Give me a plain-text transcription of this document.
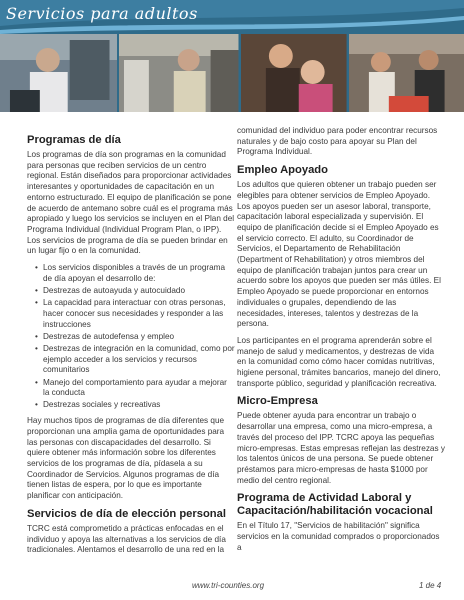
Servicios para adultos
Programas de día

Los programas de día son programas en la comunidad para personas que reciben servicios de un centro regional. Están diseñados para proporcionar actividades interesantes y oportunidades de capacitación en un entorno estructurado. El equipo de planificación se pone de acuerdo de antemano sobre cuál es el programa más apropiado y luego los servicios se incluyen en el Plan del Programa Individual (Individual Program Plan, o IPP). Los servicios de programa de día se pueden brindar en un lugar fijo o en la comunidad.

• Los servicios disponibles a través de un programa de día apoyan el desarrollo de:
• Destrezas de autoayuda y autocuidado
• La capacidad para interactuar con otras personas, hacer conocer sus necesidades y responder a las instrucciones
• Destrezas de autodefensa y empleo
• Destrezas de integración en la comunidad, como por ejemplo acceder a los servicios y recursos comunitarios
• Manejo del comportamiento para ayudar a mejorar la conducta
• Destrezas sociales y recreativas

Hay muchos tipos de programas de día diferentes que proporcionan una amplia gama de oportunidades para las personas con discapacidades del desarrollo. Si quiere obtener más información sobre los diferentes servicios de los programas de día, pídasela a su Coordinador de Servicios. Algunos programas de día tienen listas de espera, por lo que es importante planificar con anticipación.

Servicios de día de elección personal

TCRC está comprometido a prácticas enfocadas en el individuo y apoya las alternativas a los servicios de día tradicionales. Alentamos el desarrollo de una red en la

comunidad del individuo para poder encontrar recursos naturales y de bajo costo para apoyar su Plan del Programa Individual.

Empleo Apoyado

Los adultos que quieren obtener un trabajo pueden ser elegibles para obtener servicios de Empleo Apoyado. Los apoyos pueden ser un asesor laboral, transporte, capacitación laboral especializada y supervisión. El equipo de planificación decide si el Empleo Apoyado es el servicio correcto. El adulto, su Coordinador de Servicios, el Departamento de Rehabilitación (Department of Rehabilitation) y otros miembros del equipo de planificación trabajan juntos para crear un acuerdo sobre los apoyos que pueden ser más útiles. El Empleo Apoyado se puede proporcionar en entornos individuales o grupales, dependiendo de las necesidades, intereses, talentos y destrezas de la persona.

Los participantes en el programa aprenderán sobre el manejo de salud y medicamentos, y destrezas de vida en la comunidad como cómo hacer comidas nutritivas, higiene personal, trámites bancarios, manejo del dinero, transporte público, seguridad y planificación recreativa.

Micro-Empresa

Puede obtener ayuda para encontrar un trabajo o desarrollar una empresa, como una micro-empresa, a través del proceso del IPP. TCRC apoya las pequeñas micro-empresas. Estas empresas reflejan las destrezas y los talentos únicos de una persona. Se puede obtener préstamos para micro-empresas de hasta $1000 por medio del centro regional.

Programa de Actividad Laboral y Capacitación/habilitación vocacional

En el Título 17, "Servicios de habilitación" significa servicios en la comunidad comprados o proporcionados a

www.tri-counties.org	1 de 4
